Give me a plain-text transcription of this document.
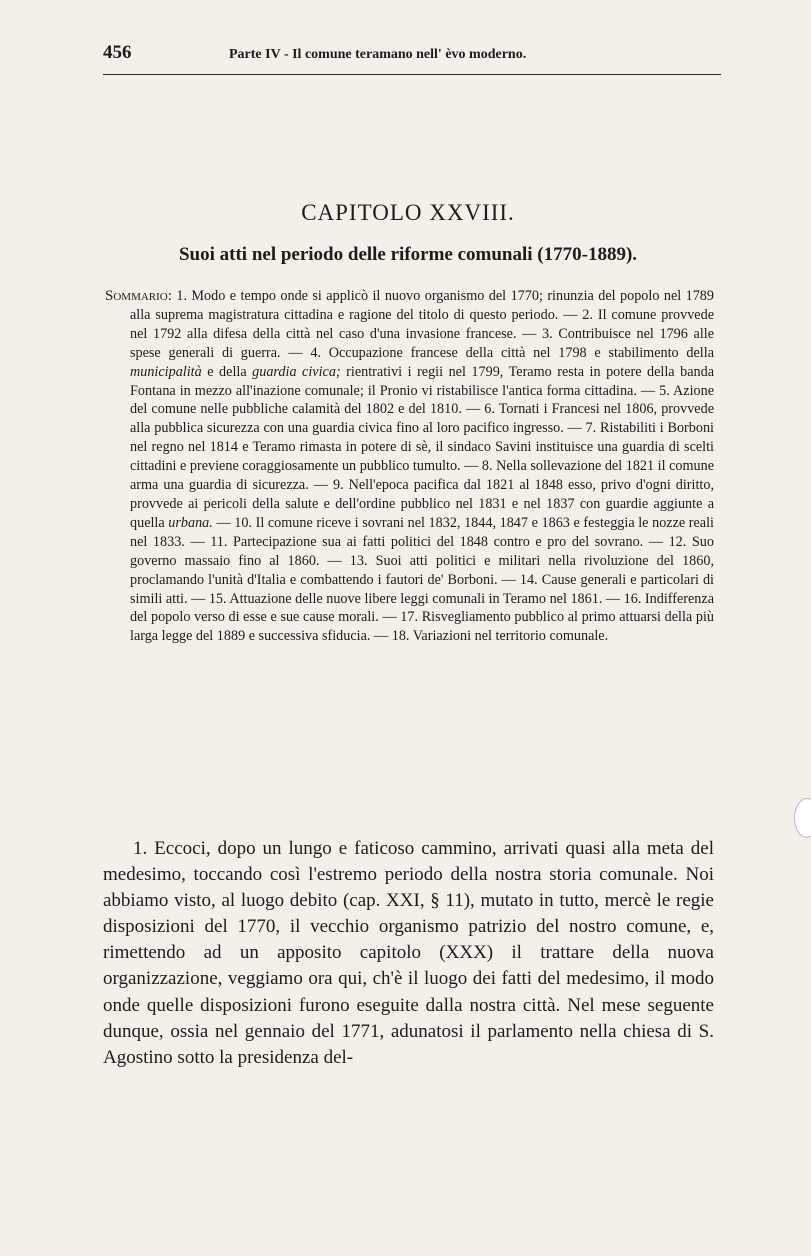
456	Parte IV - Il comune teramano nell' èvo moderno.
CAPITOLO XXVIII.
Suoi atti nel periodo delle riforme comunali (1770-1889).
Sommario: 1. Modo e tempo onde si applicò il nuovo organismo del 1770; rinunzia del popolo nel 1789 alla suprema magistratura cittadina e ragione del titolo di questo periodo. — 2. Il comune provvede nel 1792 alla difesa della città nel caso d'una invasione francese. — 3. Contribuisce nel 1796 alle spese generali di guerra. — 4. Occupazione francese della città nel 1798 e stabilimento della municipalità e della guardia civica; rientrativi i regii nel 1799, Teramo resta in potere della banda Fontana in mezzo all'inazione comunale; il Pronio vi ristabilisce l'antica forma cittadina. — 5. Azione del comune nelle pubbliche calamità del 1802 e del 1810. — 6. Tornati i Francesi nel 1806, provvede alla pubblica sicurezza con una guardia civica fino al loro pacifico ingresso. — 7. Ristabiliti i Borboni nel regno nel 1814 e Teramo rimasta in potere di sè, il sindaco Savini instituisce una guardia di scelti cittadini e previene coraggiosamente un pubblico tumulto. — 8. Nella sollevazione del 1821 il comune arma una guardia di sicurezza. — 9. Nell'epoca pacifica dal 1821 al 1848 esso, privo d'ogni diritto, provvede ai pericoli della salute e dell'ordine pubblico nel 1831 e nel 1837 con guardie aggiunte a quella urbana. — 10. Il comune riceve i sovrani nel 1832, 1844, 1847 e 1863 e festeggia le nozze reali nel 1833. — 11. Partecipazione sua ai fatti politici del 1848 contro e pro del sovrano. — 12. Suo governo massaio fino al 1860. — 13. Suoi atti politici e militari nella rivoluzione del 1860, proclamando l'unità d'Italia e combattendo i fautori de' Borboni. — 14. Cause generali e particolari di simili atti. — 15. Attuazione delle nuove libere leggi comunali in Teramo nel 1861. — 16. Indifferenza del popolo verso di esse e sue cause morali. — 17. Risvegliamento pubblico al primo attuarsi della più larga legge del 1889 e successiva sfiducia. — 18. Variazioni nel territorio comunale.
1. Eccoci, dopo un lungo e faticoso cammino, arrivati quasi alla meta del medesimo, toccando così l'estremo periodo della nostra storia comunale. Noi abbiamo visto, al luogo debito (cap. XXI, § 11), mutato in tutto, mercè le regie disposizioni del 1770, il vecchio organismo patrizio del nostro comune, e, rimettendo ad un apposito capitolo (XXX) il trattare della nuova organizzazione, veggiamo ora qui, ch'è il luogo dei fatti del medesimo, il modo onde quelle disposizioni furono eseguite dalla nostra città. Nel mese seguente dunque, ossia nel gennaio del 1771, adunatosi il parlamento nella chiesa di S. Agostino sotto la presidenza del-
